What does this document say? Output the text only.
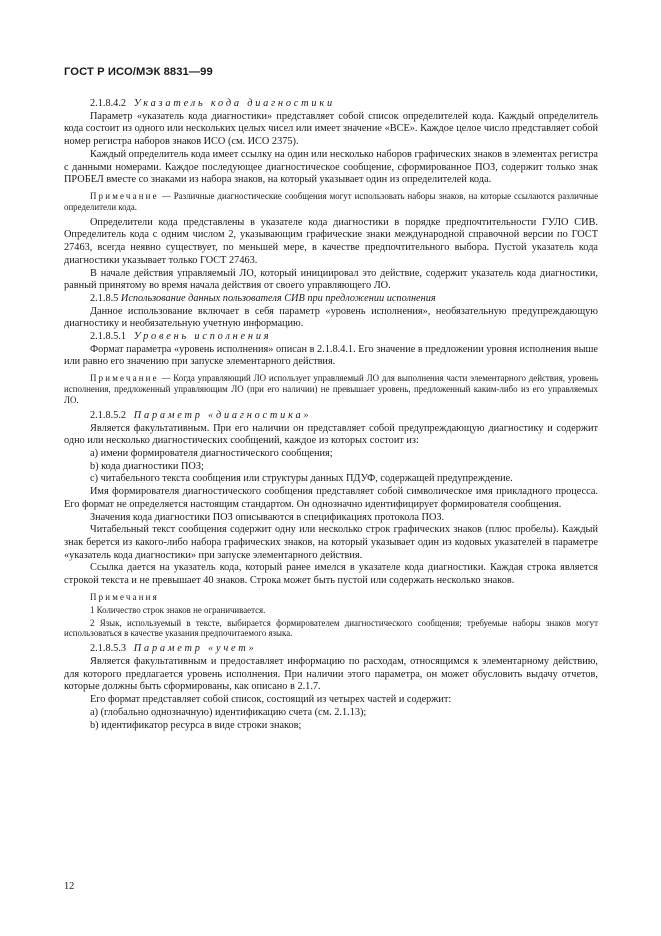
ГОСТ Р ИСО/МЭК 8831—99

2.1.8.4.2 Указатель кода диагностики

Параметр «указатель кода диагностики» представляет собой список определителей кода. Каждый определитель кода состоит из одного или нескольких целых чисел или имеет значение «ВСЕ». Каждое целое число представляет собой номер регистра наборов знаков ИСО (см. ИСО 2375).

Каждый определитель кода имеет ссылку на один или несколько наборов графических знаков в элементах регистра с данными номерами. Каждое последующее диагностическое сообщение, сформированное ПОЗ, содержит только знак ПРОБЕЛ вместе со знаками из набора знаков, на который указывает один из определителей кода.

Примечание — Различные диагностические сообщения могут использовать наборы знаков, на которые ссылаются различные определители кода.

Определители кода представлены в указателе кода диагностики в порядке предпочтительности ГУЛО СИВ. Определитель кода с одним числом 2, указывающим графические знаки международной справочной версии по ГОСТ 27463, всегда неявно существует, по меньшей мере, в качестве предпочтительного выбора. Пустой указатель кода диагностики указывает только ГОСТ 27463.

В начале действия управляемый ЛО, который инициировал это действие, содержит указатель кода диагностики, равный принятому во время начала действия от своего управляющего ЛО.

2.1.8.5 Использование данных пользователя СИВ при предложении исполнения

Данное использование включает в себя параметр «уровень исполнения», необязательную предупреждающую диагностику и необязательную учетную информацию.

2.1.8.5.1 Уровень исполнения

Формат параметра «уровень исполнения» описан в 2.1.8.4.1. Его значение в предложении уровня исполнения выше или равно его значению при запуске элементарного действия.

Примечание — Когда управляющий ЛО использует управляемый ЛО для выполнения части элементарного действия, уровень исполнения, предложенный управляющим ЛО (при его наличии) не превышает уровень, предложенный каким-либо из его управляемых ЛО.

2.1.8.5.2 Параметр «диагностика»

Является факультативным. При его наличии он представляет собой предупреждающую диагностику и содержит одно или несколько диагностических сообщений, каждое из которых состоит из:

а) имени формирователя диагностического сообщения;

b) кода диагностики ПОЗ;

с) читабельного текста сообщения или структуры данных ПДУФ, содержащей предупреждение.

Имя формирователя диагностического сообщения представляет собой символическое имя прикладного процесса. Его формат не определяется настоящим стандартом. Он однозначно идентифицирует формирователя сообщения.

Значения кода диагностики ПОЗ описываются в спецификациях протокола ПОЗ.

Читабельный текст сообщения содержит одну или несколько строк графических знаков (плюс пробелы). Каждый знак берется из какого-либо набора графических знаков, на который указывает один из кодовых указателей в параметре «указатель кода диагностики» при запуске элементарного действия.

Ссылка дается на указатель кода, который ранее имелся в указателе кода диагностики. Каждая строка является строкой текста и не превышает 40 знаков. Строка может быть пустой или содержать несколько знаков.

Примечания

1 Количество строк знаков не ограничивается.

2 Язык, используемый в тексте, выбирается формирователем диагностического сообщения; требуемые наборы знаков могут использоваться в качестве указания предпочитаемого языка.

2.1.8.5.3 Параметр «учет»

Является факультативным и предоставляет информацию по расходам, относящимся к элементарному действию, для которого предлагается уровень исполнения. При наличии этого параметра, он может обусловить выдачу отчетов, которые должны быть сформированы, как описано в 2.1.7.

Его формат представляет собой список, состоящий из четырех частей и содержит:

а) (глобально однозначную) идентификацию счета (см. 2.1.13);

b) идентификатор ресурса в виде строки знаков;

12
